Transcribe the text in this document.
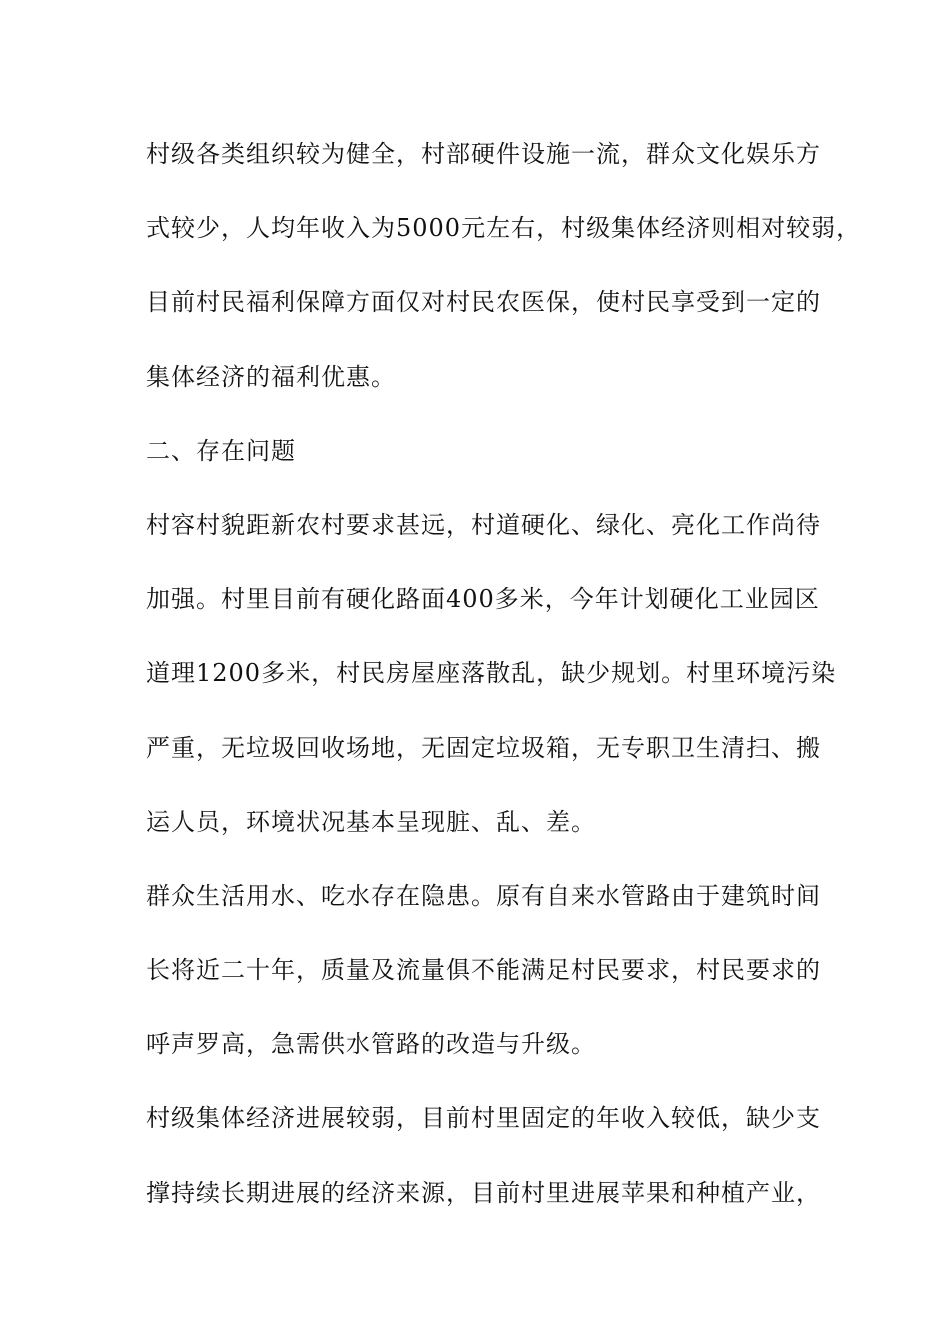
村级各类组织较为健全，村部硬件设施一流，群众文化娱乐方
式较少，人均年收入为5000元左右，村级集体经济则相对较弱，
目前村民福利保障方面仅对村民农医保，使村民享受到一定的
集体经济的福利优惠。
二、存在问题
村容村貌距新农村要求甚远，村道硬化、绿化、亮化工作尚待
加强。村里目前有硬化路面400多米，今年计划硬化工业园区
道理1200多米，村民房屋座落散乱，缺少规划。村里环境污染
严重，无垃圾回收场地，无固定垃圾箱，无专职卫生清扫、搬
运人员，环境状况基本呈现脏、乱、差。
群众生活用水、吃水存在隐患。原有自来水管路由于建筑时间
长将近二十年，质量及流量俱不能满足村民要求，村民要求的
呼声罗高，急需供水管路的改造与升级。
村级集体经济进展较弱，目前村里固定的年收入较低，缺少支
撑持续长期进展的经济来源，目前村里进展苹果和种植产业，
